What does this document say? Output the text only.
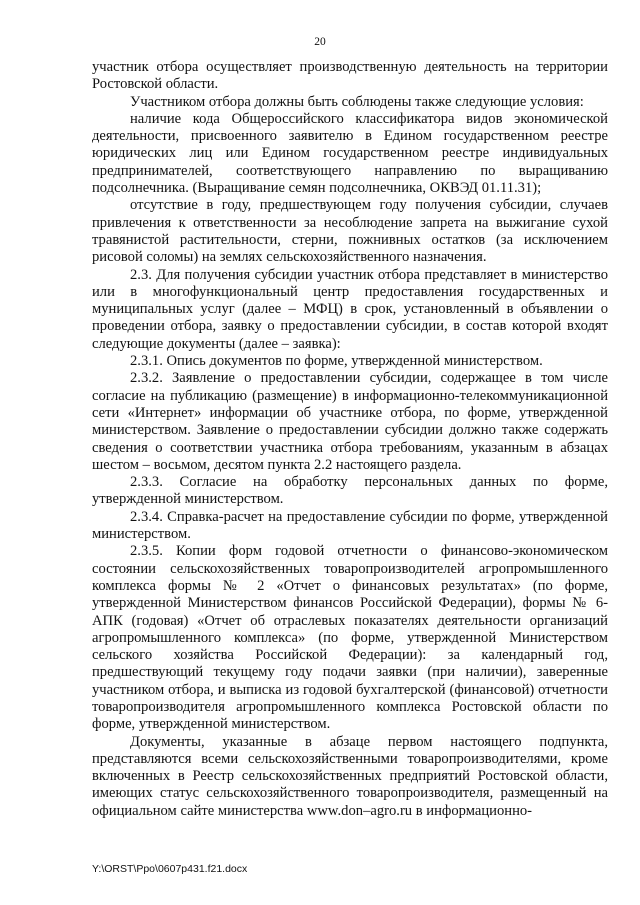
20

участник отбора осуществляет производственную деятельность на территории Ростовской области.

Участником отбора должны быть соблюдены также следующие условия:

наличие кода Общероссийского классификатора видов экономической деятельности, присвоенного заявителю в Едином государственном реестре юридических лиц или Едином государственном реестре индивидуальных предпринимателей, соответствующего направлению по выращиванию подсолнечника. (Выращивание семян подсолнечника, ОКВЭД 01.11.31);

отсутствие в году, предшествующем году получения субсидии, случаев привлечения к ответственности за несоблюдение запрета на выжигание сухой травянистой растительности, стерни, пожнивных остатков (за исключением рисовой соломы) на землях сельскохозяйственного назначения.

2.3. Для получения субсидии участник отбора представляет в министерство или в многофункциональный центр предоставления государственных и муниципальных услуг (далее – МФЦ) в срок, установленный в объявлении о проведении отбора, заявку о предоставлении субсидии, в состав которой входят следующие документы (далее – заявка):

2.3.1. Опись документов по форме, утвержденной министерством.

2.3.2. Заявление о предоставлении субсидии, содержащее в том числе согласие на публикацию (размещение) в информационно-телекоммуникационной сети «Интернет» информации об участнике отбора, по форме, утвержденной министерством. Заявление о предоставлении субсидии должно также содержать сведения о соответствии участника отбора требованиям, указанным в абзацах шестом – восьмом, десятом пункта 2.2 настоящего раздела.

2.3.3. Согласие на обработку персональных данных по форме, утвержденной министерством.

2.3.4. Справка-расчет на предоставление субсидии по форме, утвержденной министерством.

2.3.5. Копии форм годовой отчетности о финансово-экономическом состоянии сельскохозяйственных товаропроизводителей агропромышленного комплекса формы № 2 «Отчет о финансовых результатах» (по форме, утвержденной Министерством финансов Российской Федерации), формы № 6-АПК (годовая) «Отчет об отраслевых показателях деятельности организаций агропромышленного комплекса» (по форме, утвержденной Министерством сельского хозяйства Российской Федерации): за календарный год, предшествующий текущему году подачи заявки (при наличии), заверенные участником отбора, и выписка из годовой бухгалтерской (финансовой) отчетности товаропроизводителя агропромышленного комплекса Ростовской области по форме, утвержденной министерством.

Документы, указанные в абзаце первом настоящего подпункта, представляются всеми сельскохозяйственными товаропроизводителями, кроме включенных в Реестр сельскохозяйственных предприятий Ростовской области, имеющих статус сельскохозяйственного товаропроизводителя, размещенный на официальном сайте министерства www.don–agro.ru в информационно-

Y:\ORST\Ppo\0607p431.f21.docx
